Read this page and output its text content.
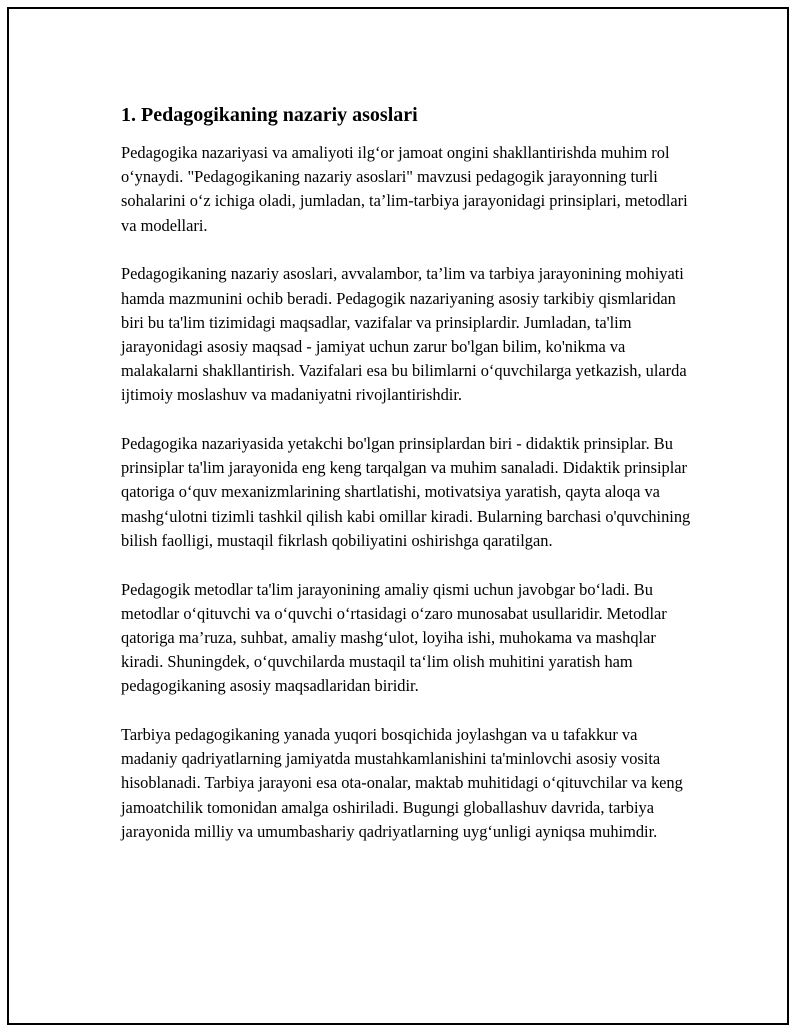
1. Pedagogikaning nazariy asoslari

Pedagogika nazariyasi va amaliyoti ilg‘or jamoat ongini shakllantirishda muhim rol o‘ynaydi. "Pedagogikaning nazariy asoslari" mavzusi pedagogik jarayonning turli sohalarini o‘z ichiga oladi, jumladan, ta’lim-tarbiya jarayonidagi prinsiplari, metodlari va modellari.

Pedagogikaning nazariy asoslari, avvalambor, ta’lim va tarbiya jarayonining mohiyati hamda mazmunini ochib beradi. Pedagogik nazariyaning asosiy tarkibiy qismlaridan biri bu ta'lim tizimidagi maqsadlar, vazifalar va prinsiplardir. Jumladan, ta'lim jarayonidagi asosiy maqsad - jamiyat uchun zarur bo'lgan bilim, ko'nikma va malakalarni shakllantirish. Vazifalari esa bu bilimlarni o‘quvchilarga yetkazish, ularda ijtimoiy moslashuv va madaniyatni rivojlantirishdir.

Pedagogika nazariyasida yetakchi bo'lgan prinsiplardan biri - didaktik prinsiplar. Bu prinsiplar ta'lim jarayonida eng keng tarqalgan va muhim sanaladi. Didaktik prinsiplar qatoriga o‘quv mexanizmlarining shartlatishi, motivatsiya yaratish, qayta aloqa va mashg‘ulotni tizimli tashkil qilish kabi omillar kiradi. Bularning barchasi o'quvchining bilish faolligi, mustaqil fikrlash qobiliyatini oshirishga qaratilgan.

Pedagogik metodlar ta'lim jarayonining amaliy qismi uchun javobgar bo‘ladi. Bu metodlar o‘qituvchi va o‘quvchi o‘rtasidagi o‘zaro munosabat usullaridir. Metodlar qatoriga ma’ruza, suhbat, amaliy mashg‘ulot, loyiha ishi, muhokama va mashqlar kiradi. Shuningdek, o‘quvchilarda mustaqil ta‘lim olish muhitini yaratish ham pedagogikaning asosiy maqsadlaridan biridir.

Tarbiya pedagogikaning yanada yuqori bosqichida joylashgan va u tafakkur va madaniy qadriyatlarning jamiyatda mustahkamlanishini ta'minlovchi asosiy vosita hisoblanadi. Tarbiya jarayoni esa ota-onalar, maktab muhitidagi o‘qituvchilar va keng jamoatchilik tomonidan amalga oshiriladi. Bugungi globallashuv davrida, tarbiya jarayonida milliy va umumbashariy qadriyatlarning uyg‘unligi ayniqsa muhimdir.
